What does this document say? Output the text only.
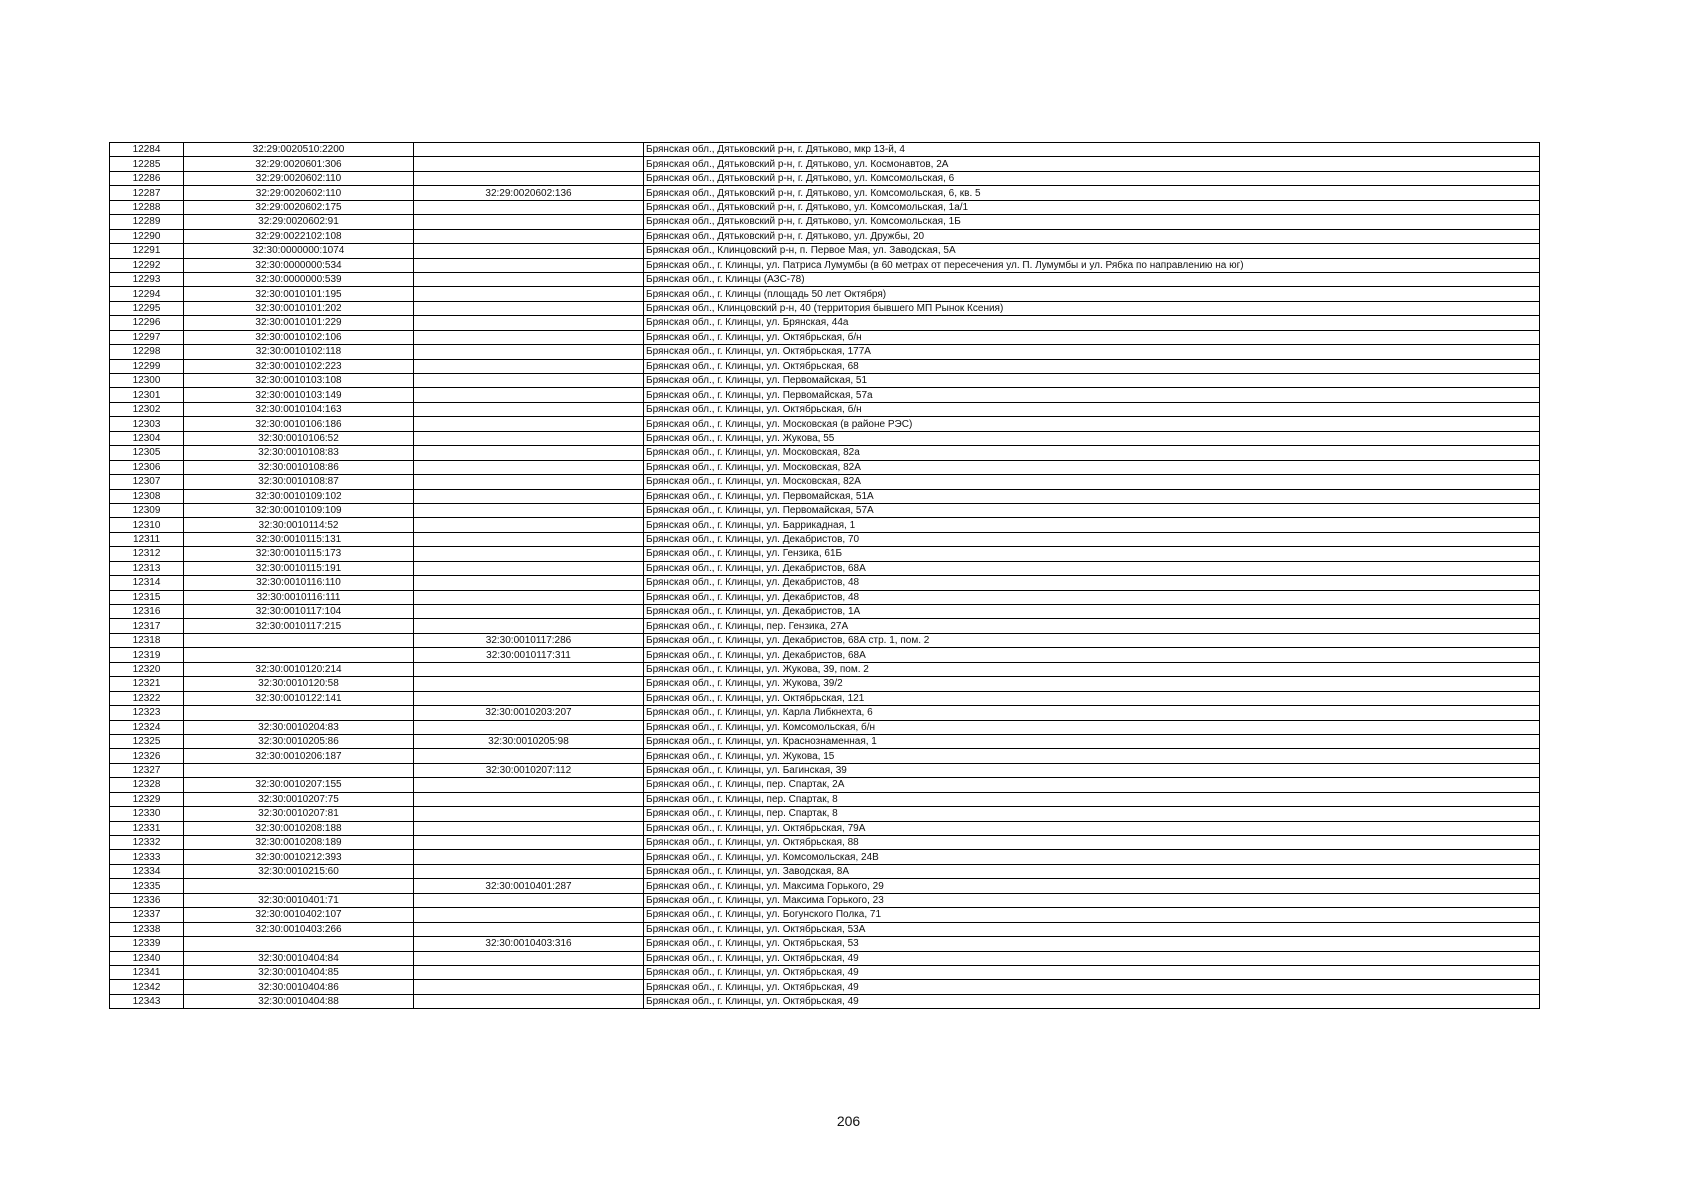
12284	32:29:0020510:2200		Брянская обл., Дятьковский р-н, г. Дятьково, мкр 13-й, 4
12285	32:29:0020601:306		Брянская обл., Дятьковский р-н, г. Дятьково, ул. Космонавтов, 2А
12286	32:29:0020602:110		Брянская обл., Дятьковский р-н, г. Дятьково, ул. Комсомольская, 6
12287	32:29:0020602:110	32:29:0020602:136	Брянская обл., Дятьковский р-н, г. Дятьково, ул. Комсомольская, 6, кв. 5
12288	32:29:0020602:175		Брянская обл., Дятьковский р-н, г. Дятьково, ул. Комсомольская, 1а/1
12289	32:29:0020602:91		Брянская обл., Дятьковский р-н, г. Дятьково, ул. Комсомольская, 1Б
12290	32:29:0022102:108		Брянская обл., Дятьковский р-н, г. Дятьково, ул. Дружбы, 20
12291	32:30:0000000:1074		Брянская обл., Клинцовский р-н, п. Первое Мая, ул. Заводская, 5А
12292	32:30:0000000:534		Брянская обл., г. Клинцы, ул. Патриса Лумумбы (в 60 метрах от пересечения ул. П. Лумумбы и ул. Рябка по направлению на юг)
12293	32:30:0000000:539		Брянская обл., г. Клинцы (АЗС-78)
12294	32:30:0010101:195		Брянская обл., г. Клинцы (площадь 50 лет Октября)
12295	32:30:0010101:202		Брянская обл., Клинцовский р-н, 40 (территория бывшего МП Рынок Ксения)
12296	32:30:0010101:229		Брянская обл., г. Клинцы, ул. Брянская, 44а
12297	32:30:0010102:106		Брянская обл., г. Клинцы, ул. Октябрьская, б/н
12298	32:30:0010102:118		Брянская обл., г. Клинцы, ул. Октябрьская, 177А
12299	32:30:0010102:223		Брянская обл., г. Клинцы, ул. Октябрьская, 68
12300	32:30:0010103:108		Брянская обл., г. Клинцы, ул. Первомайская, 51
12301	32:30:0010103:149		Брянская обл., г. Клинцы, ул. Первомайская, 57а
12302	32:30:0010104:163		Брянская обл., г. Клинцы, ул. Октябрьская, б/н
12303	32:30:0010106:186		Брянская обл., г. Клинцы, ул. Московская (в районе РЭС)
12304	32:30:0010106:52		Брянская обл., г. Клинцы, ул. Жукова, 55
12305	32:30:0010108:83		Брянская обл., г. Клинцы, ул. Московская, 82а
12306	32:30:0010108:86		Брянская обл., г. Клинцы, ул. Московская, 82А
12307	32:30:0010108:87		Брянская обл., г. Клинцы, ул. Московская, 82А
12308	32:30:0010109:102		Брянская обл., г. Клинцы, ул. Первомайская, 51А
12309	32:30:0010109:109		Брянская обл., г. Клинцы, ул. Первомайская, 57А
12310	32:30:0010114:52		Брянская обл., г. Клинцы, ул. Баррикадная, 1
12311	32:30:0010115:131		Брянская обл., г. Клинцы, ул. Декабристов, 70
12312	32:30:0010115:173		Брянская обл., г. Клинцы, ул. Гензика, 61Б
12313	32:30:0010115:191		Брянская обл., г. Клинцы, ул. Декабристов, 68А
12314	32:30:0010116:110		Брянская обл., г. Клинцы, ул. Декабристов, 48
12315	32:30:0010116:111		Брянская обл., г. Клинцы, ул. Декабристов, 48
12316	32:30:0010117:104		Брянская обл., г. Клинцы, ул. Декабристов, 1А
12317	32:30:0010117:215		Брянская обл., г. Клинцы, пер. Гензика, 27А
12318		32:30:0010117:286	Брянская обл., г. Клинцы, ул. Декабристов, 68А стр. 1, пом. 2
12319		32:30:0010117:311	Брянская обл., г. Клинцы, ул. Декабристов, 68А
12320	32:30:0010120:214		Брянская обл., г. Клинцы, ул. Жукова, 39, пом. 2
12321	32:30:0010120:58		Брянская обл., г. Клинцы, ул. Жукова, 39/2
12322	32:30:0010122:141		Брянская обл., г. Клинцы, ул. Октябрьская, 121
12323		32:30:0010203:207	Брянская обл., г. Клинцы, ул. Карла Либкнехта, 6
12324	32:30:0010204:83		Брянская обл., г. Клинцы, ул. Комсомольская, б/н
12325	32:30:0010205:86	32:30:0010205:98	Брянская обл., г. Клинцы, ул. Краснознаменная, 1
12326	32:30:0010206:187		Брянская обл., г. Клинцы, ул. Жукова, 15
12327		32:30:0010207:112	Брянская обл., г. Клинцы, ул. Багинская, 39
12328	32:30:0010207:155		Брянская обл., г. Клинцы, пер. Спартак, 2А
12329	32:30:0010207:75		Брянская обл., г. Клинцы, пер. Спартак, 8
12330	32:30:0010207:81		Брянская обл., г. Клинцы, пер. Спартак, 8
12331	32:30:0010208:188		Брянская обл., г. Клинцы, ул. Октябрьская, 79А
12332	32:30:0010208:189		Брянская обл., г. Клинцы, ул. Октябрьская, 88
12333	32:30:0010212:393		Брянская обл., г. Клинцы, ул. Комсомольская, 24В
12334	32:30:0010215:60		Брянская обл., г. Клинцы, ул. Заводская, 8А
12335		32:30:0010401:287	Брянская обл., г. Клинцы, ул. Максима Горького, 29
12336	32:30:0010401:71		Брянская обл., г. Клинцы, ул. Максима Горького, 23
12337	32:30:0010402:107		Брянская обл., г. Клинцы, ул. Богунского Полка, 71
12338	32:30:0010403:266		Брянская обл., г. Клинцы, ул. Октябрьская, 53А
12339		32:30:0010403:316	Брянская обл., г. Клинцы, ул. Октябрьская, 53
12340	32:30:0010404:84		Брянская обл., г. Клинцы, ул. Октябрьская, 49
12341	32:30:0010404:85		Брянская обл., г. Клинцы, ул. Октябрьская, 49
12342	32:30:0010404:86		Брянская обл., г. Клинцы, ул. Октябрьская, 49
12343	32:30:0010404:88		Брянская обл., г. Клинцы, ул. Октябрьская, 49
206
